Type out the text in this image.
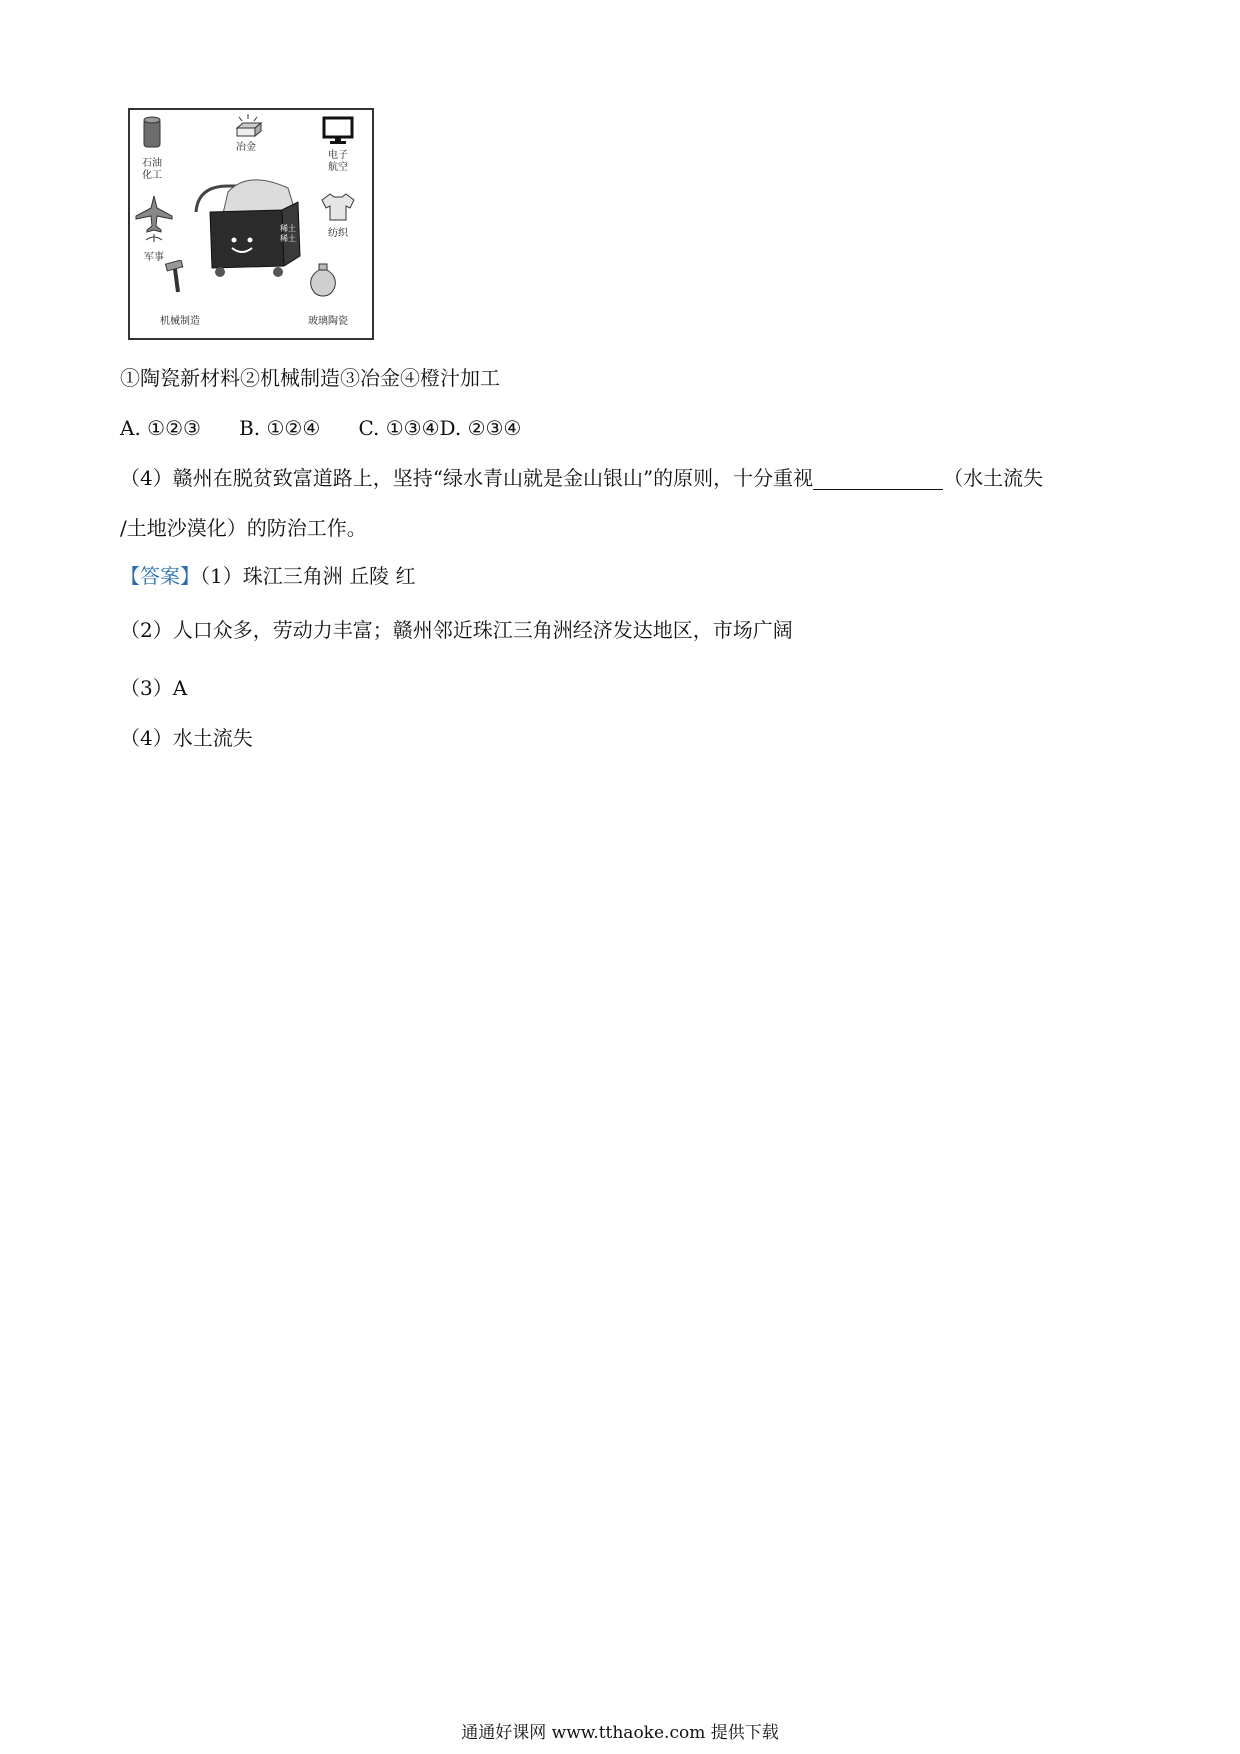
石油
化工
冶金
电子
航空
军事
纺织
机械制造	玻璃陶瓷
稀土
稀土
①陶瓷新材料②机械制造③冶金④橙汁加工
A. ①②③      B. ①②④      C. ①③④D. ②③④
（4）赣州在脱贫致富道路上，坚持“绿水青山就是金山银山”的原则，十分重视	（水土流失
/土地沙漠化）的防治工作。
【答案】（1）珠江三角洲 丘陵 红
（2）人口众多，劳动力丰富；赣州邻近珠江三角洲经济发达地区，市场广阔
（3）A
（4）水土流失
通通好课网 www.tthaoke.com 提供下载
